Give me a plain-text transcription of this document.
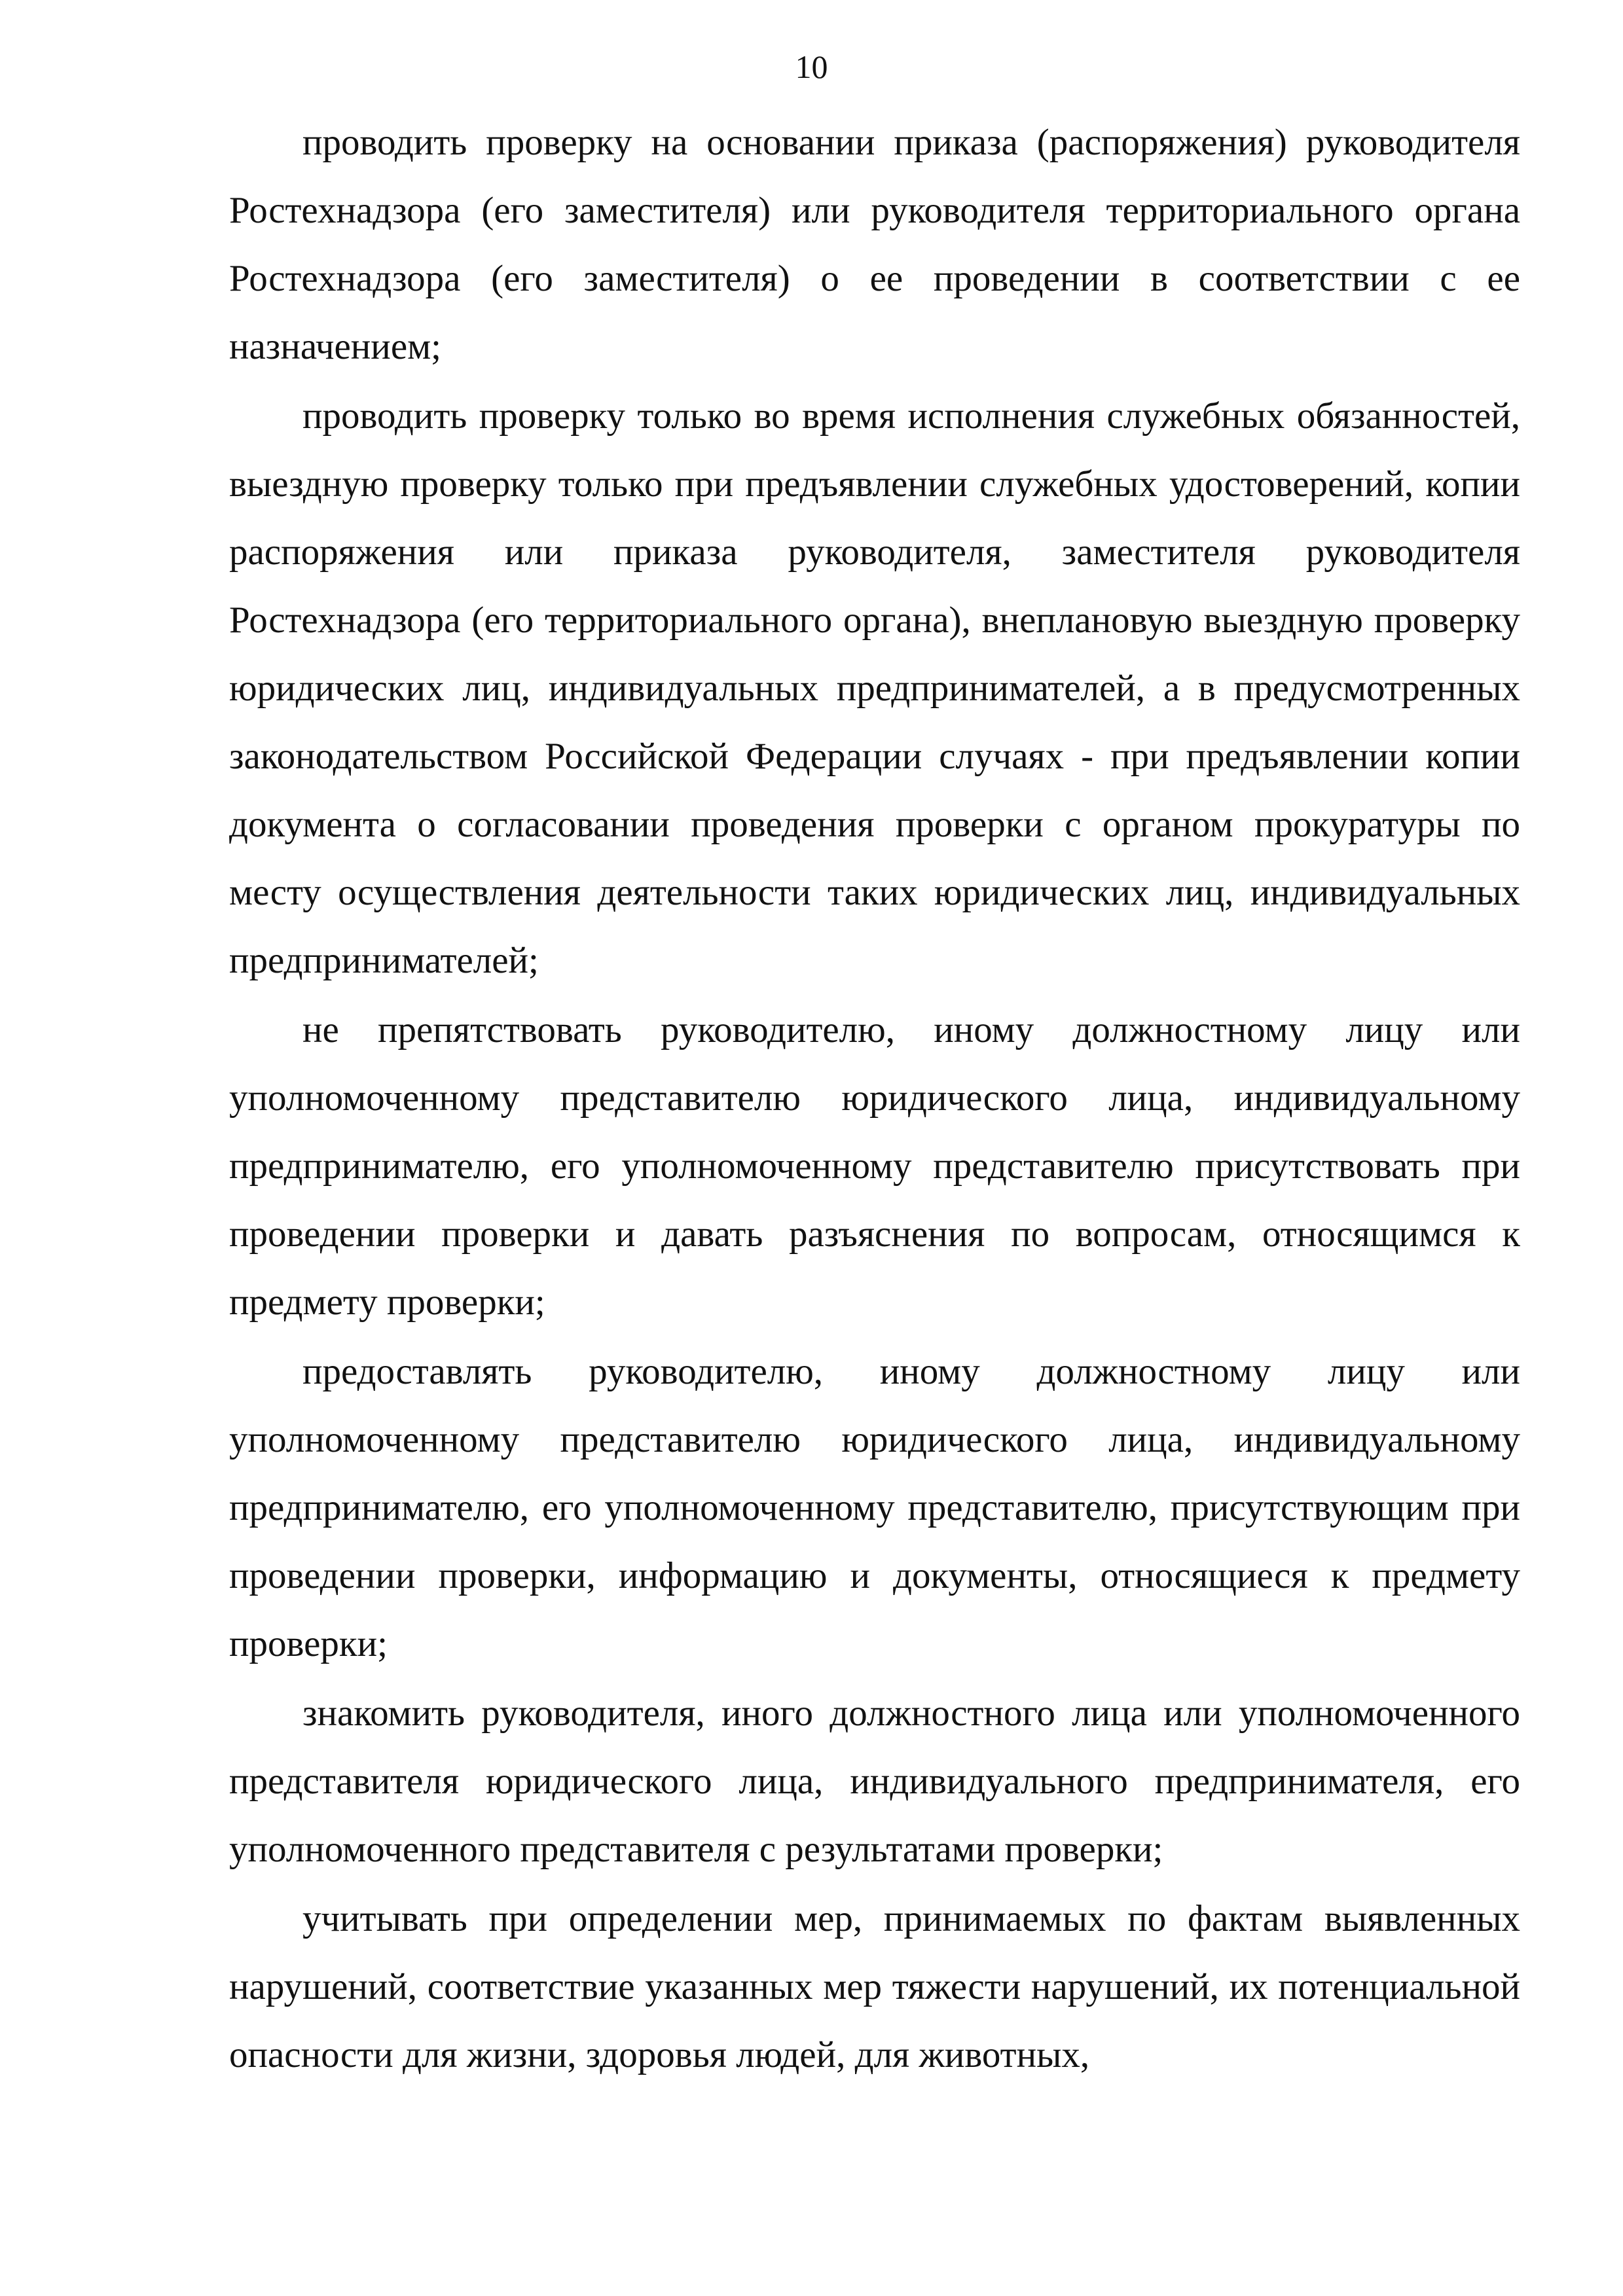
10

проводить проверку на основании приказа (распоряжения) руководителя Ростехнадзора (его заместителя) или руководителя территориального органа Ростехнадзора (его заместителя) о ее проведении в соответствии с ее назначением;

проводить проверку только во время исполнения служебных обязанностей, выездную проверку только при предъявлении служебных удостоверений, копии распоряжения или приказа руководителя, заместителя руководителя Ростехнадзора (его территориального органа), внеплановую выездную проверку юридических лиц, индивидуальных предпринимателей, а в предусмотренных законодательством Российской Федерации случаях - при предъявлении копии документа о согласовании проведения проверки с органом прокуратуры по месту осуществления деятельности таких юридических лиц, индивидуальных предпринимателей;

не препятствовать руководителю, иному должностному лицу или уполномоченному представителю юридического лица, индивидуальному предпринимателю, его уполномоченному представителю присутствовать при проведении проверки и давать разъяснения по вопросам, относящимся к предмету проверки;

предоставлять руководителю, иному должностному лицу или уполномоченному представителю юридического лица, индивидуальному предпринимателю, его уполномоченному представителю, присутствующим при проведении проверки, информацию и документы, относящиеся к предмету проверки;

знакомить руководителя, иного должностного лица или уполномоченного представителя юридического лица, индивидуального предпринимателя, его уполномоченного представителя с результатами проверки;

учитывать при определении мер, принимаемых по фактам выявленных нарушений, соответствие указанных мер тяжести нарушений, их потенциальной опасности для жизни, здоровья людей, для животных,
